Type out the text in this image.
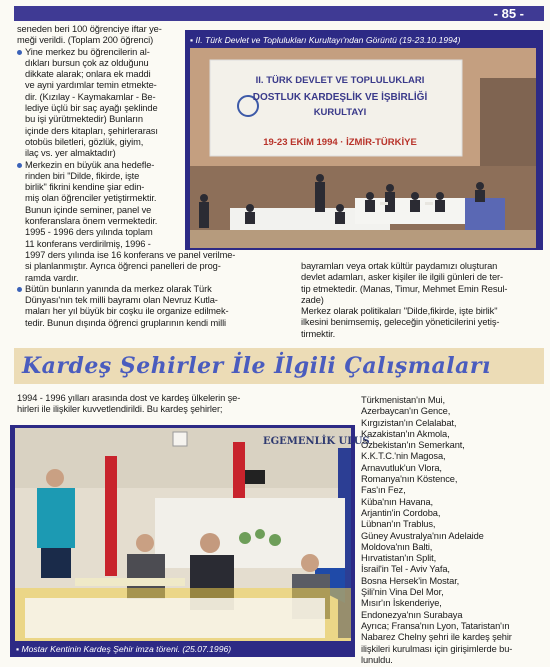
- 85 -

seneden beri 100 öğrenciye iftar ye-
meği verildi. (Toplam 200 öğrenci)

Yine merkez bu öğrencilerin al-
dıkları bursun çok az olduğunu
dikkate alarak; onlara ek maddi
ve ayni yardımlar temin etmekte-
dir. (Kızılay - Kaymakamlar - Be-
lediye üçlü bir saç ayağı şeklinde
bu işi yürütmektedir) Bunların
içinde ders kitapları, şehirlerarası
otobüs biletleri, gözlük, giyim,
ilaç vs. yer almaktadır)

Merkezin en büyük ana hedefle-
rinden biri "Dilde, fikirde, işte
birlik" fikrini kendine şiar edin-
miş olan öğrenciler yetiştirmektir.
Bunun içinde seminer, panel ve
konferanslara önem vermektedir.
1995 - 1996 ders yılında toplam
11 konferans verdirilmiş, 1996 -
1997 ders yılında ise 16 konferans ve panel verilme-
si planlanmıştır. Ayrıca öğrenci panelleri de prog-
ramda vardır.

Bütün bunların yanında da merkez olarak Türk
Dünyası'nın tek milli bayramı olan Nevruz Kutla-
maları her yıl büyük bir coşku ile organize edilmek-
tedir. Bunun dışında öğrenci gruplarının kendi milli

▪ II. Türk Devlet ve Toplulukları Kurultayı'ndan Görüntü (19-23.10.1994)
II. TÜRK DEVLET VE TOPLULUKLARI
DOSTLUK KARDEŞLİK VE İŞBİRLİĞİ
KURULTAYI
19-23 EKİM 1994 · İZMİR-TÜRKİYE
bayramları veya ortak kültür paydamızı oluşturan
devlet adamları, asker kişiler ile ilgili günleri de ter-
tip etmektedir. (Manas, Timur, Mehmet Emin Resul-
zade)
Merkez olarak politikaları "Dilde,fikirde, işte birlik"
ilkesini benimsemiş, geleceğin yöneticilerini yetiş-
tirmektir.
Kardeş Şehirler İle İlgili Çalışmaları
1994 - 1996 yılları arasında dost ve kardeş ülkelerin şe-
hirleri ile ilişkiler kuvvetlendirildi. Bu kardeş şehirler;
EGEMENLİK ULUS
▪ Mostar Kentinin Kardeş Şehir imza töreni. (25.07.1996)
Türkmenistan'ın Mui,
Azerbaycan'ın Gence,
Kırgızistan'ın Celalabat,
Kazakistan'ın Akmola,
Özbekistan'ın Semerkant,
K.K.T.C.'nin Magosa,
Arnavutluk'un Vlora,
Romanya'nın Köstence,
Fas'ın Fez,
Küba'nın Havana,
Arjantin'in Cordoba,
Lübnan'ın Trablus,
Güney Avustralya'nın Adelaide
Moldova'nın Balti,
Hırvatistan'ın Split,
İsrail'in Tel - Aviv Yafa,
Bosna Hersek'in Mostar,
Şili'nin Vina Del Mor,
Mısır'ın İskenderiye,
Endonezya'nın Surabaya
Ayrıca; Fransa'nın Lyon, Tataristan'ın
Nabarez Chelny şehri ile kardeş şehir
ilişkileri kurulması için girişimlerde bu-
lunuldu.
